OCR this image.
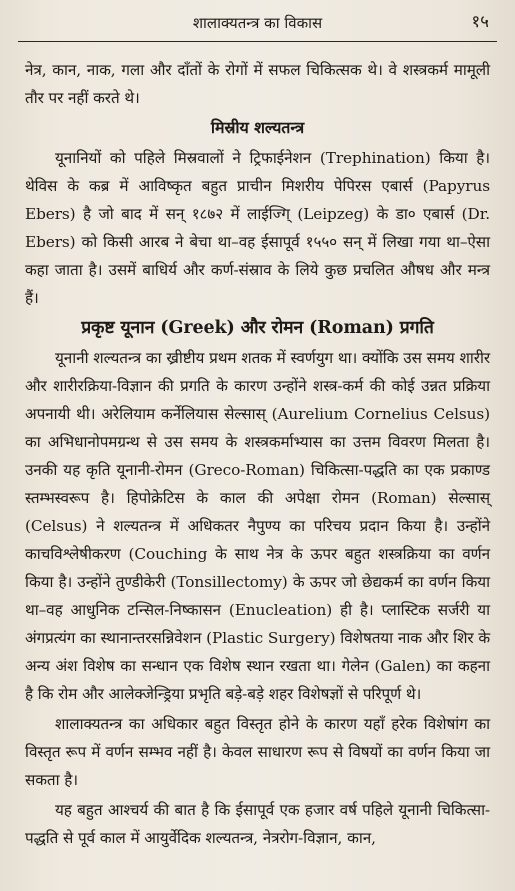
शालाक्यतन्त्र का विकास	१५

नेत्र, कान, नाक, गला और दाँतों के रोगों में सफल चिकित्सक थे। वे शस्त्रकर्म मामूली तौर पर नहीं करते थे।

मिस्रीय शल्यतन्त्र

यूनानियों को पहिले मिस्रवालों ने ट्रिफाईनेशन (Trephination) किया है। थेविस के कब्र में आविष्कृत बहुत प्राचीन मिशरीय पेपिरस एबार्स (Papyrus Ebers) है जो बाद में सन् १८७२ में लाईज्गि् (Leipzeg) के डा० एबार्स (Dr. Ebers) को किसी आरब ने बेचा था–वह ईसापूर्व १५५० सन् में लिखा गया था–ऐसा कहा जाता है। उसमें बाधिर्य और कर्ण-संस्राव के लिये कुछ प्रचलित औषध और मन्त्र हैं।

प्रकृष्ट यूनान (Greek) और रोमन (Roman) प्रगति

यूनानी शल्यतन्त्र का ख्रीष्टीय प्रथम शतक में स्वर्णयुग था। क्योंकि उस समय शारीर और शारीरक्रिया-विज्ञान की प्रगति के कारण उन्होंने शस्त्र-कर्म की कोई उन्नत प्रक्रिया अपनायी थी। अरेलियाम कर्नेलियास सेल्सास् (Aurelium Cornelius Celsus) का अभिधानोपमग्रन्थ से उस समय के शस्त्रकर्माभ्यास का उत्तम विवरण मिलता है। उनकी यह कृति यूनानी-रोमन (Greco-Roman) चिकित्सा-पद्धति का एक प्रकाण्ड स्तम्भस्वरूप है। हिपोक्रेटिस के काल की अपेक्षा रोमन (Roman) सेल्सास् (Celsus) ने शल्यतन्त्र में अधिकतर नैपुण्य का परिचय प्रदान किया है। उन्होंने काचविश्लेषीकरण (Couching के साथ नेत्र के ऊपर बहुत शस्त्रक्रिया का वर्णन किया है। उन्होंने तुण्डीकेरी (Tonsillectomy) के ऊपर जो छेद्यकर्म का वर्णन किया था–वह आधुनिक टन्सिल-निष्कासन (Enucleation) ही है। प्लास्टिक सर्जरी या अंगप्रत्यंग का स्थानान्तरसन्निवेशन (Plastic Surgery) विशेषतया नाक और शिर के अन्य अंश विशेष का सन्धान एक विशेष स्थान रखता था। गेलेन (Galen) का कहना है कि रोम और आलेक्जेन्ड्रिया प्रभृति बड़े-बड़े शहर विशेषज्ञों से परिपूर्ण थे।

शालाक्यतन्त्र का अधिकार बहुत विस्तृत होने के कारण यहाँ हरेक विशेषांग का विस्तृत रूप में वर्णन सम्भव नहीं है। केवल साधारण रूप से विषयों का वर्णन किया जा सकता है।

यह बहुत आश्चर्य की बात है कि ईसापूर्व एक हजार वर्ष पहिले यूनानी चिकित्सा-पद्धति से पूर्व काल में आयुर्वेदिक शल्यतन्त्र, नेत्ररोग-विज्ञान, कान,
